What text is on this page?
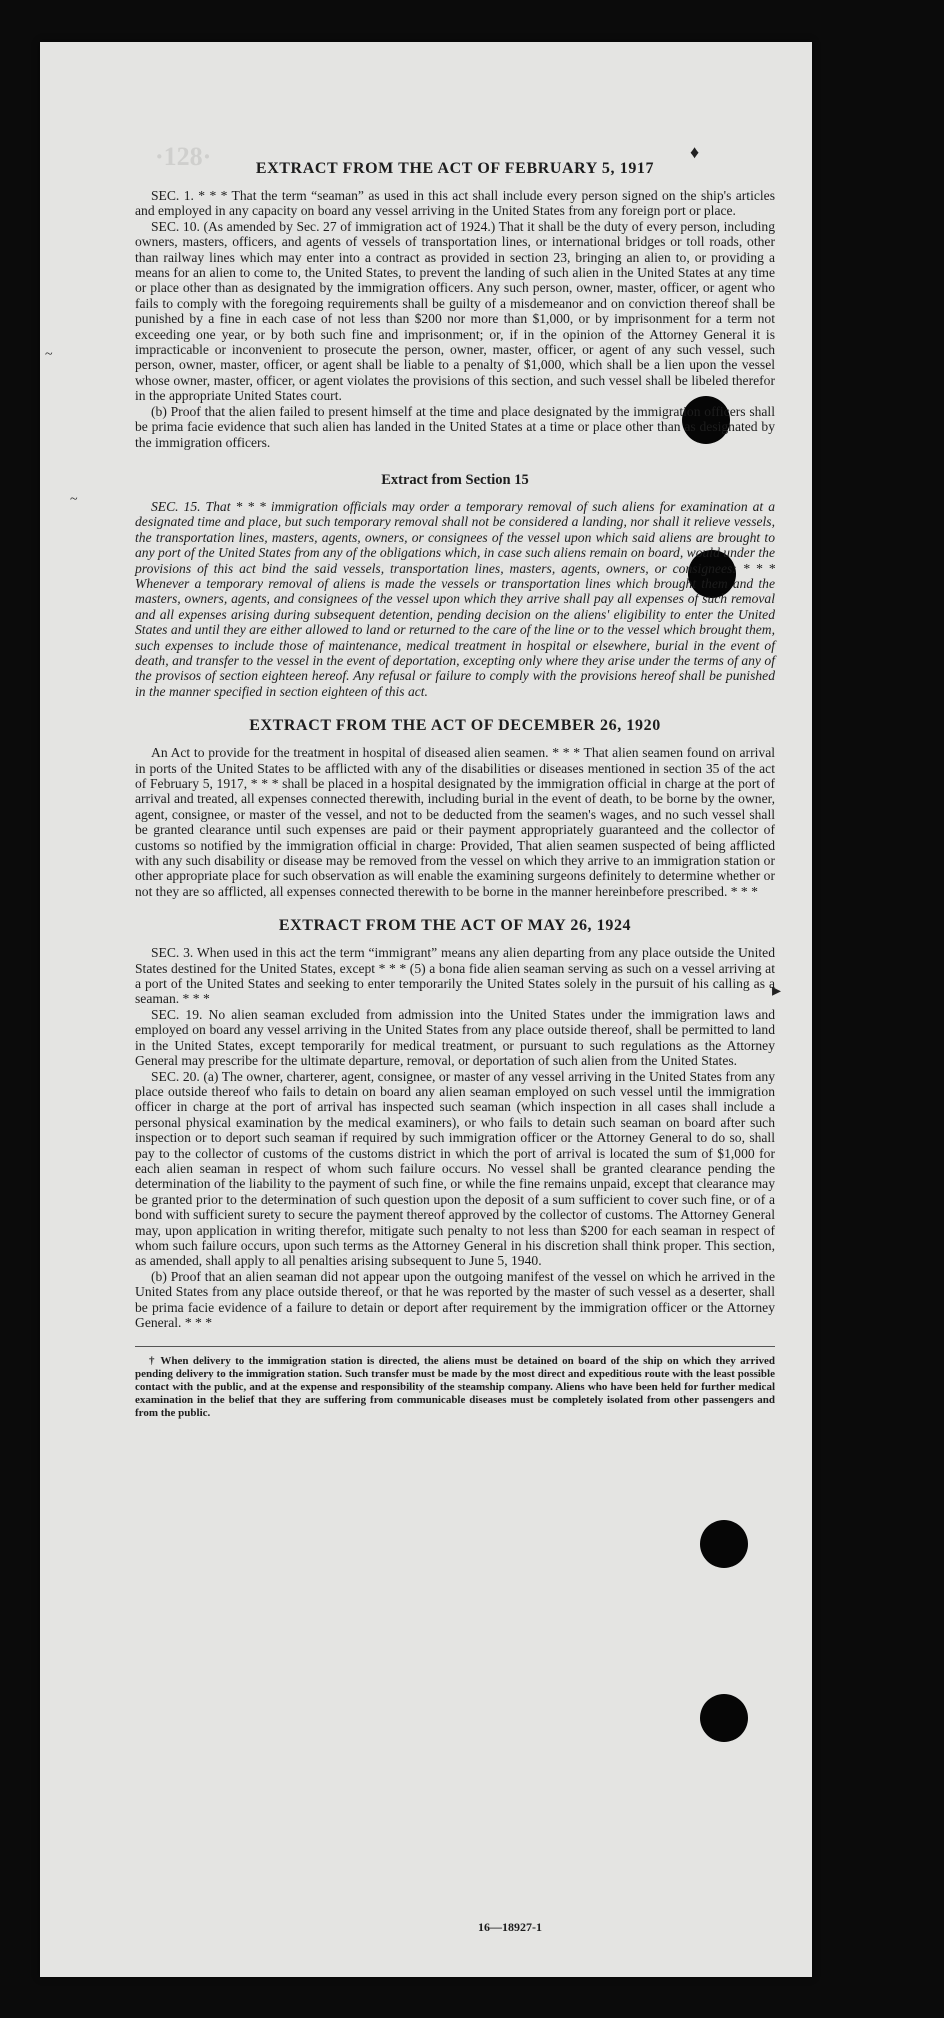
·128·	♦
▸
~
~
EXTRACT FROM THE ACT OF FEBRUARY 5, 1917

SEC. 1. * * * That the term “seaman” as used in this act shall include every person signed on the ship's articles and employed in any capacity on board any vessel arriving in the United States from any foreign port or place.

SEC. 10. (As amended by Sec. 27 of immigration act of 1924.) That it shall be the duty of every person, including owners, masters, officers, and agents of vessels of transportation lines, or international bridges or toll roads, other than railway lines which may enter into a contract as provided in section 23, bringing an alien to, or providing a means for an alien to come to, the United States, to prevent the landing of such alien in the United States at any time or place other than as designated by the immigration officers. Any such person, owner, master, officer, or agent who fails to comply with the foregoing requirements shall be guilty of a misdemeanor and on conviction thereof shall be punished by a fine in each case of not less than $200 nor more than $1,000, or by imprisonment for a term not exceeding one year, or by both such fine and imprisonment; or, if in the opinion of the Attorney General it is impracticable or inconvenient to prosecute the person, owner, master, officer, or agent of any such vessel, such person, owner, master, officer, or agent shall be liable to a penalty of $1,000, which shall be a lien upon the vessel whose owner, master, officer, or agent violates the provisions of this section, and such vessel shall be libeled therefor in the appropriate United States court.

(b) Proof that the alien failed to present himself at the time and place designated by the immigration officers shall be prima facie evidence that such alien has landed in the United States at a time or place other than as designated by the immigration officers.

Extract from Section 15

SEC. 15. That * * * immigration officials may order a temporary removal of such aliens for examination at a designated time and place, but such temporary removal shall not be considered a landing, nor shall it relieve vessels, the transportation lines, masters, agents, owners, or consignees of the vessel upon which said aliens are brought to any port of the United States from any of the obligations which, in case such aliens remain on board, would under the provisions of this act bind the said vessels, transportation lines, masters, agents, owners, or consignees: * * * Whenever a temporary removal of aliens is made the vessels or transportation lines which brought them and the masters, owners, agents, and consignees of the vessel upon which they arrive shall pay all expenses of such removal and all expenses arising during subsequent detention, pending decision on the aliens' eligibility to enter the United States and until they are either allowed to land or returned to the care of the line or to the vessel which brought them, such expenses to include those of maintenance, medical treatment in hospital or elsewhere, burial in the event of death, and transfer to the vessel in the event of deportation, excepting only where they arise under the terms of any of the provisos of section eighteen hereof. Any refusal or failure to comply with the provisions hereof shall be punished in the manner specified in section eighteen of this act.

EXTRACT FROM THE ACT OF DECEMBER 26, 1920

An Act to provide for the treatment in hospital of diseased alien seamen. * * * That alien seamen found on arrival in ports of the United States to be afflicted with any of the disabilities or diseases mentioned in section 35 of the act of February 5, 1917, * * * shall be placed in a hospital designated by the immigration official in charge at the port of arrival and treated, all expenses connected therewith, including burial in the event of death, to be borne by the owner, agent, consignee, or master of the vessel, and not to be deducted from the seamen's wages, and no such vessel shall be granted clearance until such expenses are paid or their payment appropriately guaranteed and the collector of customs so notified by the immigration official in charge: Provided, That alien seamen suspected of being afflicted with any such disability or disease may be removed from the vessel on which they arrive to an immigration station or other appropriate place for such observation as will enable the examining surgeons definitely to determine whether or not they are so afflicted, all expenses connected therewith to be borne in the manner hereinbefore prescribed. * * *

EXTRACT FROM THE ACT OF MAY 26, 1924

SEC. 3. When used in this act the term “immigrant” means any alien departing from any place outside the United States destined for the United States, except * * * (5) a bona fide alien seaman serving as such on a vessel arriving at a port of the United States and seeking to enter temporarily the United States solely in the pursuit of his calling as a seaman. * * *

SEC. 19. No alien seaman excluded from admission into the United States under the immigration laws and employed on board any vessel arriving in the United States from any place outside thereof, shall be permitted to land in the United States, except temporarily for medical treatment, or pursuant to such regulations as the Attorney General may prescribe for the ultimate departure, removal, or deportation of such alien from the United States.

SEC. 20. (a) The owner, charterer, agent, consignee, or master of any vessel arriving in the United States from any place outside thereof who fails to detain on board any alien seaman employed on such vessel until the immigration officer in charge at the port of arrival has inspected such seaman (which inspection in all cases shall include a personal physical examination by the medical examiners), or who fails to detain such seaman on board after such inspection or to deport such seaman if required by such immigration officer or the Attorney General to do so, shall pay to the collector of customs of the customs district in which the port of arrival is located the sum of $1,000 for each alien seaman in respect of whom such failure occurs. No vessel shall be granted clearance pending the determination of the liability to the payment of such fine, or while the fine remains unpaid, except that clearance may be granted prior to the determination of such question upon the deposit of a sum sufficient to cover such fine, or of a bond with sufficient surety to secure the payment thereof approved by the collector of customs. The Attorney General may, upon application in writing therefor, mitigate such penalty to not less than $200 for each seaman in respect of whom such failure occurs, upon such terms as the Attorney General in his discretion shall think proper. This section, as amended, shall apply to all penalties arising subsequent to June 5, 1940.

(b) Proof that an alien seaman did not appear upon the outgoing manifest of the vessel on which he arrived in the United States from any place outside thereof, or that he was reported by the master of such vessel as a deserter, shall be prima facie evidence of a failure to detain or deport after requirement by the immigration officer or the Attorney General. * * *

† When delivery to the immigration station is directed, the aliens must be detained on board of the ship on which they arrived pending delivery to the immigration station. Such transfer must be made by the most direct and expeditious route with the least possible contact with the public, and at the expense and responsibility of the steamship company. Aliens who have been held for further medical examination in the belief that they are suffering from communicable diseases must be completely isolated from other passengers and from the public.
16—18927-1
